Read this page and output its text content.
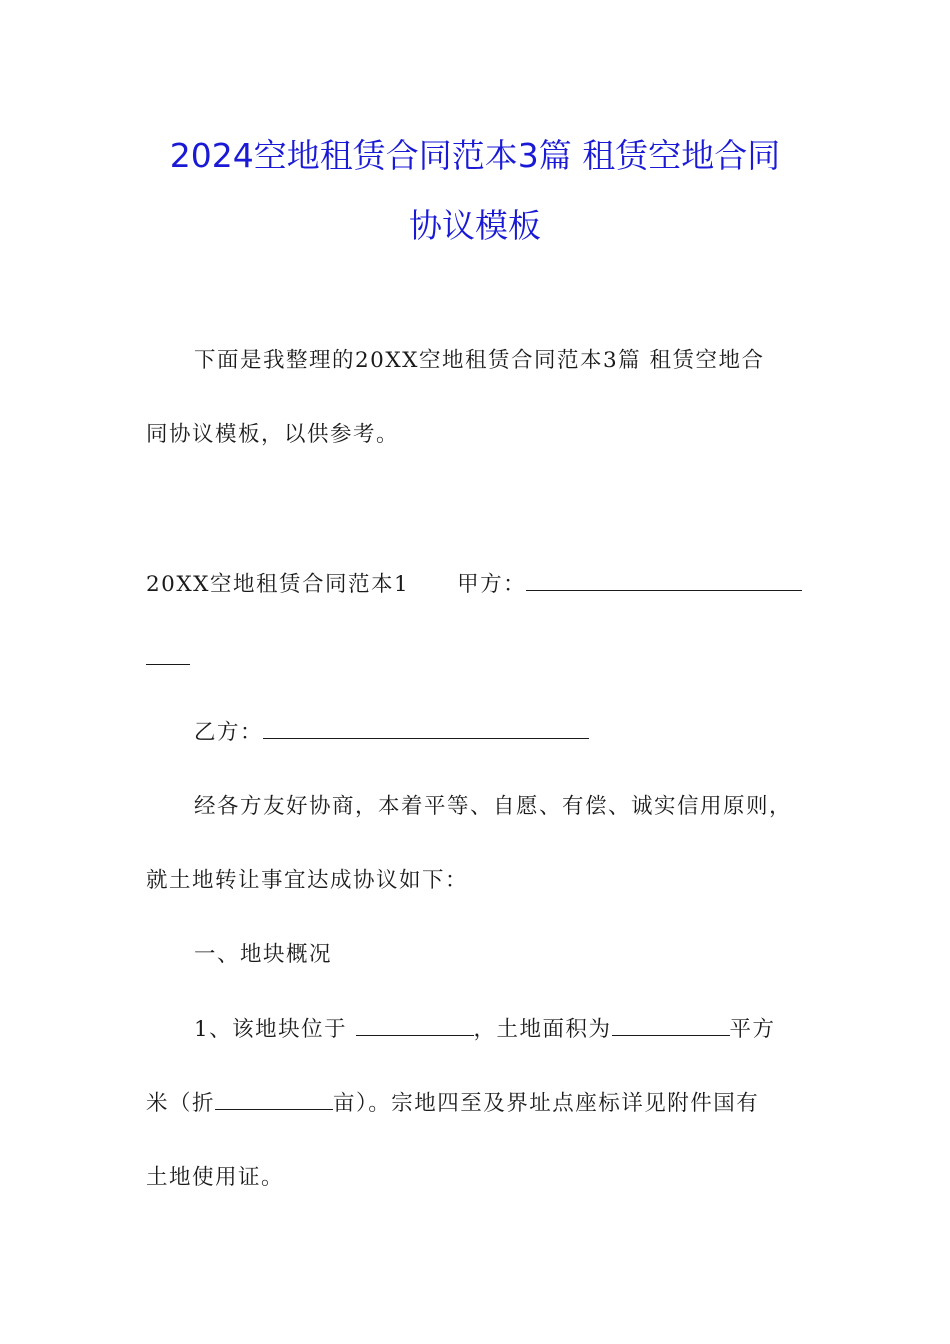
2024空地租赁合同范本3篇 租赁空地合同
协议模板
下面是我整理的20XX空地租赁合同范本3篇 租赁空地合
同协议模板，以供参考。
20XX空地租赁合同范本1 甲方：
乙方：
经各方友好协商，本着平等、自愿、有偿、诚实信用原则，
就土地转让事宜达成协议如下：
一、地块概况
1、该地块位于	，土地面积为	平方
米（折	亩）。宗地四至及界址点座标详见附件国有
土地使用证。
